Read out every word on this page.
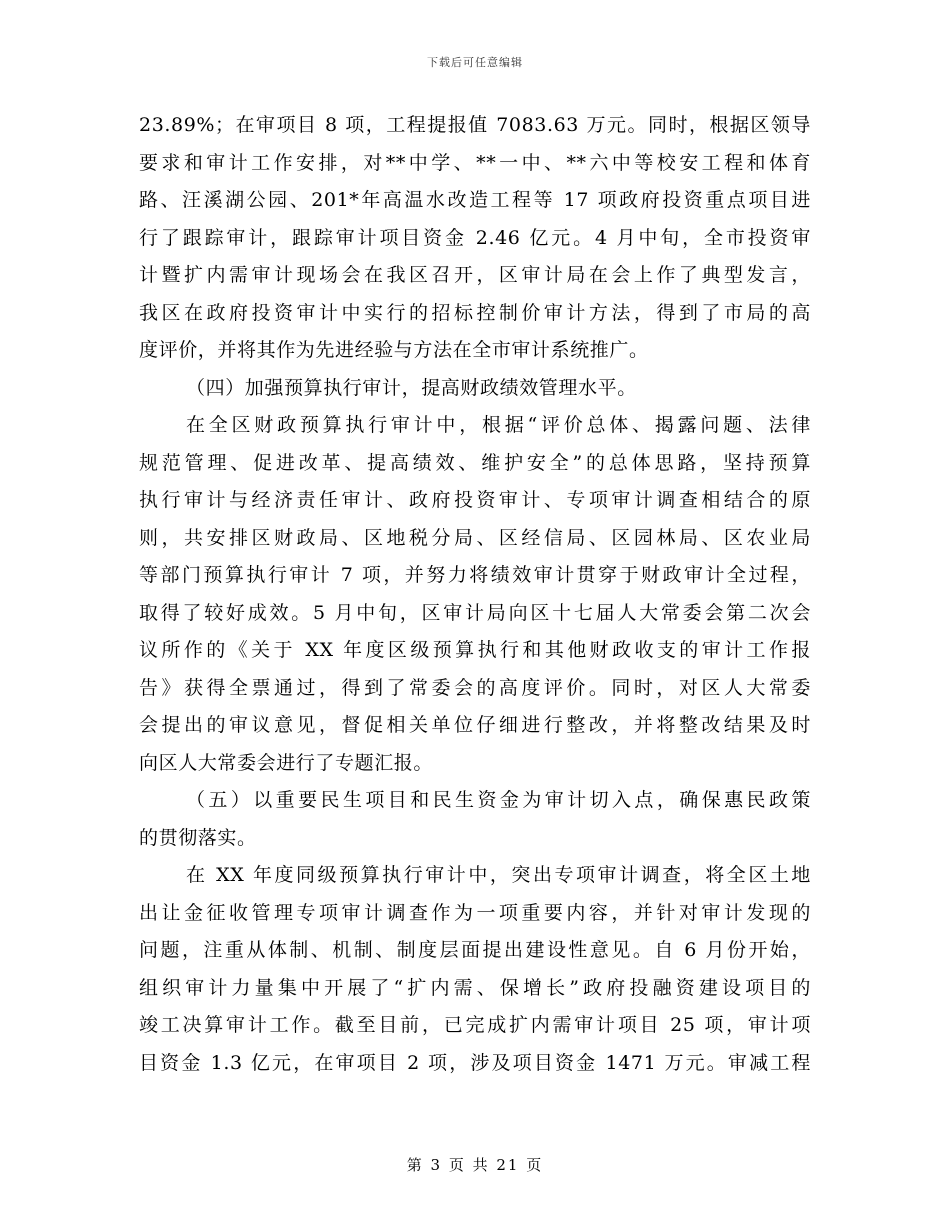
下载后可任意编辑
23.89%；在审项目 8 项，工程提报值 7083.63 万元。同时，根据区领导
要求和审计工作安排，对**中学、**一中、**六中等校安工程和体育
路、汪溪湖公园、201*年高温水改造工程等 17 项政府投资重点项目进
行了跟踪审计，跟踪审计项目资金 2.46 亿元。4 月中旬，全市投资审
计暨扩内需审计现场会在我区召开，区审计局在会上作了典型发言，
我区在政府投资审计中实行的招标控制价审计方法，得到了市局的高
度评价，并将其作为先进经验与方法在全市审计系统推广。
（四）加强预算执行审计，提高财政绩效管理水平。
在全区财政预算执行审计中，根据“评价总体、揭露问题、法律
规范管理、促进改革、提高绩效、维护安全”的总体思路，坚持预算
执行审计与经济责任审计、政府投资审计、专项审计调查相结合的原
则，共安排区财政局、区地税分局、区经信局、区园林局、区农业局
等部门预算执行审计 7 项，并努力将绩效审计贯穿于财政审计全过程，
取得了较好成效。5 月中旬，区审计局向区十七届人大常委会第二次会
议所作的《关于 XX 年度区级预算执行和其他财政收支的审计工作报
告》获得全票通过，得到了常委会的高度评价。同时，对区人大常委
会提出的审议意见，督促相关单位仔细进行整改，并将整改结果及时
向区人大常委会进行了专题汇报。
（五）以重要民生项目和民生资金为审计切入点，确保惠民政策
的贯彻落实。
在 XX 年度同级预算执行审计中，突出专项审计调查，将全区土地
出让金征收管理专项审计调查作为一项重要内容，并针对审计发现的
问题，注重从体制、机制、制度层面提出建设性意见。自 6 月份开始，
组织审计力量集中开展了“扩内需、保增长”政府投融资建设项目的
竣工决算审计工作。截至目前，已完成扩内需审计项目 25 项，审计项
目资金 1.3 亿元，在审项目 2 项，涉及项目资金 1471 万元。审减工程
第 3 页 共 21 页
